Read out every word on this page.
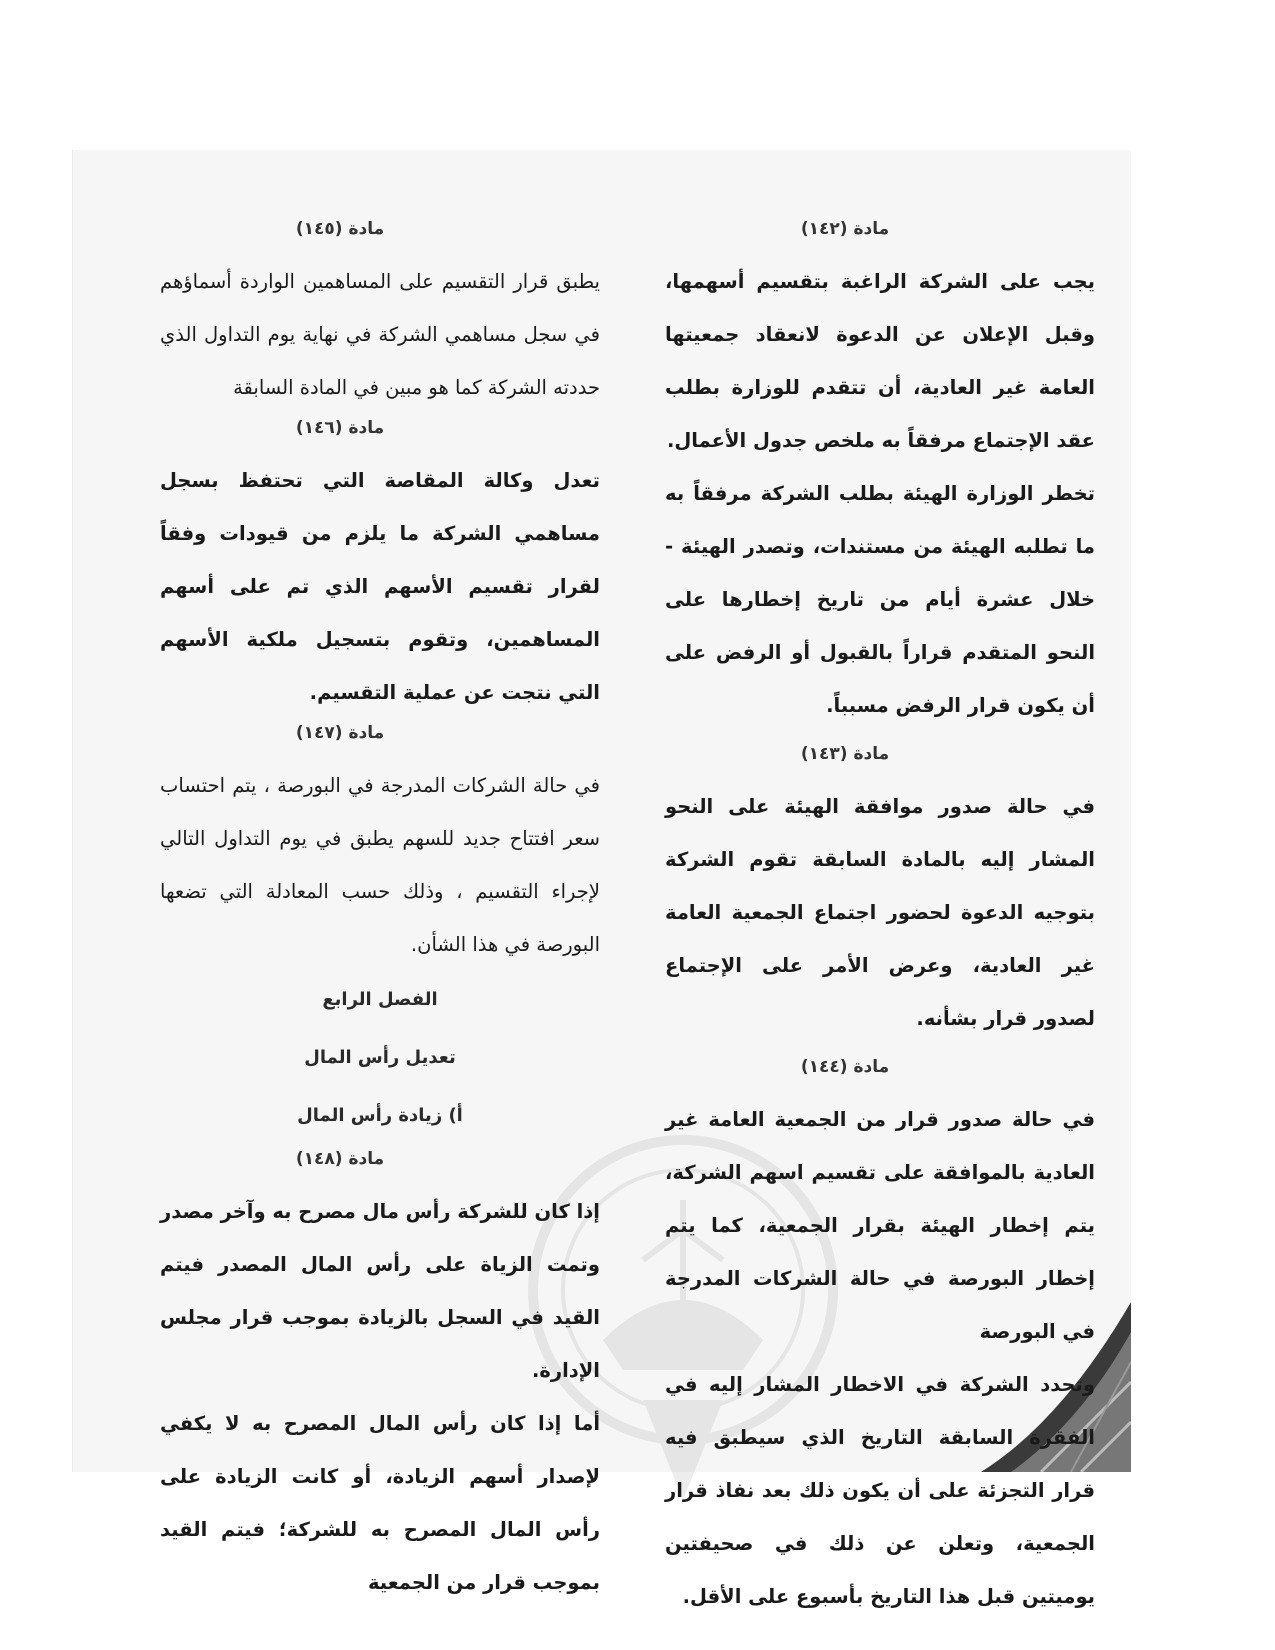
مادة (١٤٢)

يجب على الشركة الراغبة بتقسيم أسهمها، وقبل الإعلان عن الدعوة لانعقاد جمعيتها العامة غير العادية، أن تتقدم للوزارة بطلب عقد الإجتماع مرفقاً به ملخص جدول الأعمال.

تخطر الوزارة الهيئة بطلب الشركة مرفقاً به ما تطلبه الهيئة من مستندات، وتصدر الهيئة - خلال عشرة أيام من تاريخ إخطارها على النحو المتقدم قراراً بالقبول أو الرفض على أن يكون قرار الرفض مسبباً.

مادة (١٤٣)

في حالة صدور موافقة الهيئة على النحو المشار إليه بالمادة السابقة تقوم الشركة بتوجيه الدعوة لحضور اجتماع الجمعية العامة غير العادية، وعرض الأمر على الإجتماع لصدور قرار بشأنه.

مادة (١٤٤)

في حالة صدور قرار من الجمعية العامة غير العادية بالموافقة على تقسيم اسهم الشركة، يتم إخطار الهيئة بقرار الجمعية، كما يتم إخطار البورصة في حالة الشركات المدرجة في البورصة

وتحدد الشركة في الاخطار المشار إليه في الفقرة السابقة التاريخ الذي سيطبق فيه قرار التجزئة على أن يكون ذلك بعد نفاذ قرار الجمعية، وتعلن عن ذلك في صحيفتين يوميتين قبل هذا التاريخ بأسبوع على الأقل.

مادة (١٤٥)

يطبق قرار التقسيم على المساهمين الواردة أسماؤهم في سجل مساهمي الشركة في نهاية يوم التداول الذي حددته الشركة كما هو مبين في المادة السابقة

مادة (١٤٦)

تعدل وكالة المقاصة التي تحتفظ بسجل مساهمي الشركة ما يلزم من قيودات وفقاً لقرار تقسيم الأسهم الذي تم على أسهم المساهمين، وتقوم بتسجيل ملكية الأسهم التي نتجت عن عملية التقسيم.

مادة (١٤٧)

في حالة الشركات المدرجة في البورصة ، يتم احتساب سعر افتتاح جديد للسهم يطبق في يوم التداول التالي لإجراء التقسيم ، وذلك حسب المعادلة التي تضعها البورصة في هذا الشأن.

الفصل الرابع
تعديل رأس المال
أ) زيادة رأس المال
مادة (١٤٨)

إذا كان للشركة رأس مال مصرح به وآخر مصدر وتمت الزياة على رأس المال المصدر فيتم القيد في السجل بالزيادة بموجب قرار مجلس الإدارة.

أما إذا كان رأس المال المصرح به لا يكفي لإصدار أسهم الزيادة، أو كانت الزيادة على رأس المال المصرح به للشركة؛ فيتم القيد بموجب قرار من الجمعية
